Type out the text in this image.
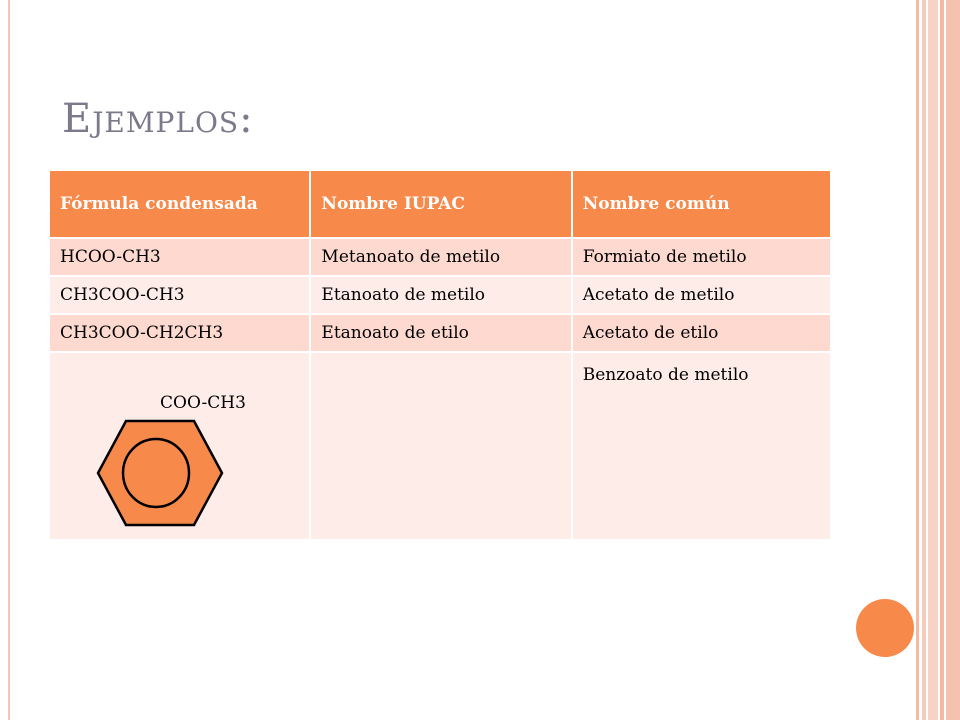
Ejemplos:
Fórmula condensada	Nombre IUPAC	Nombre común
HCOO-CH3	Metanoato de metilo	Formiato de metilo
CH3COO-CH3	Etanoato de metilo	Acetato de metilo
CH3COO-CH2CH3	Etanoato de etilo	Acetato de etilo

COO-CH3		Benzoato de metilo
